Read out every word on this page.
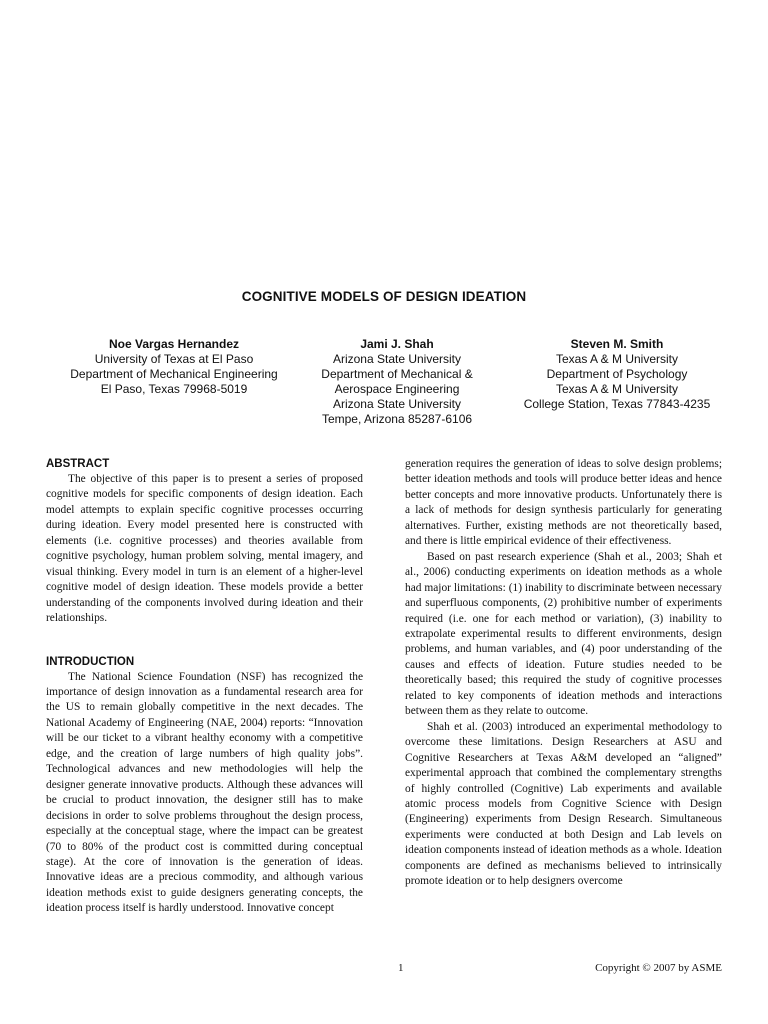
COGNITIVE MODELS OF DESIGN IDEATION
Noe Vargas Hernandez
University of Texas at El Paso
Department of Mechanical Engineering
El Paso, Texas 79968-5019
Jami J. Shah
Arizona State University
Department of Mechanical &
Aerospace Engineering
Arizona State University
Tempe, Arizona 85287-6106
Steven M. Smith
Texas A & M University
Department of Psychology
Texas A & M University
College Station, Texas 77843-4235
ABSTRACT

The objective of this paper is to present a series of proposed cognitive models for specific components of design ideation. Each model attempts to explain specific cognitive processes occurring during ideation. Every model presented here is constructed with elements (i.e. cognitive processes) and theories available from cognitive psychology, human problem solving, mental imagery, and visual thinking. Every model in turn is an element of a higher-level cognitive model of design ideation. These models provide a better understanding of the components involved during ideation and their relationships.

INTRODUCTION

The National Science Foundation (NSF) has recognized the importance of design innovation as a fundamental research area for the US to remain globally competitive in the next decades. The National Academy of Engineering (NAE, 2004) reports: “Innovation will be our ticket to a vibrant healthy economy with a competitive edge, and the creation of large numbers of high quality jobs”. Technological advances and new methodologies will help the designer generate innovative products. Although these advances will be crucial to product innovation, the designer still has to make decisions in order to solve problems throughout the design process, especially at the conceptual stage, where the impact can be greatest (70 to 80% of the product cost is committed during conceptual stage). At the core of innovation is the generation of ideas. Innovative ideas are a precious commodity, and although various ideation methods exist to guide designers generating concepts, the ideation process itself is hardly understood. Innovative concept

generation requires the generation of ideas to solve design problems; better ideation methods and tools will produce better ideas and hence better concepts and more innovative products. Unfortunately there is a lack of methods for design synthesis particularly for generating alternatives. Further, existing methods are not theoretically based, and there is little empirical evidence of their effectiveness.

Based on past research experience (Shah et al., 2003; Shah et al., 2006) conducting experiments on ideation methods as a whole had major limitations: (1) inability to discriminate between necessary and superfluous components, (2) prohibitive number of experiments required (i.e. one for each method or variation), (3) inability to extrapolate experimental results to different environments, design problems, and human variables, and (4) poor understanding of the causes and effects of ideation. Future studies needed to be theoretically based; this required the study of cognitive processes related to key components of ideation methods and interactions between them as they relate to outcome.

Shah et al. (2003) introduced an experimental methodology to overcome these limitations. Design Researchers at ASU and Cognitive Researchers at Texas A&M developed an “aligned” experimental approach that combined the complementary strengths of highly controlled (Cognitive) Lab experiments and available atomic process models from Cognitive Science with Design (Engineering) experiments from Design Research. Simultaneous experiments were conducted at both Design and Lab levels on ideation components instead of ideation methods as a whole. Ideation components are defined as mechanisms believed to intrinsically promote ideation or to help designers overcome

1	Copyright © 2007 by ASME
